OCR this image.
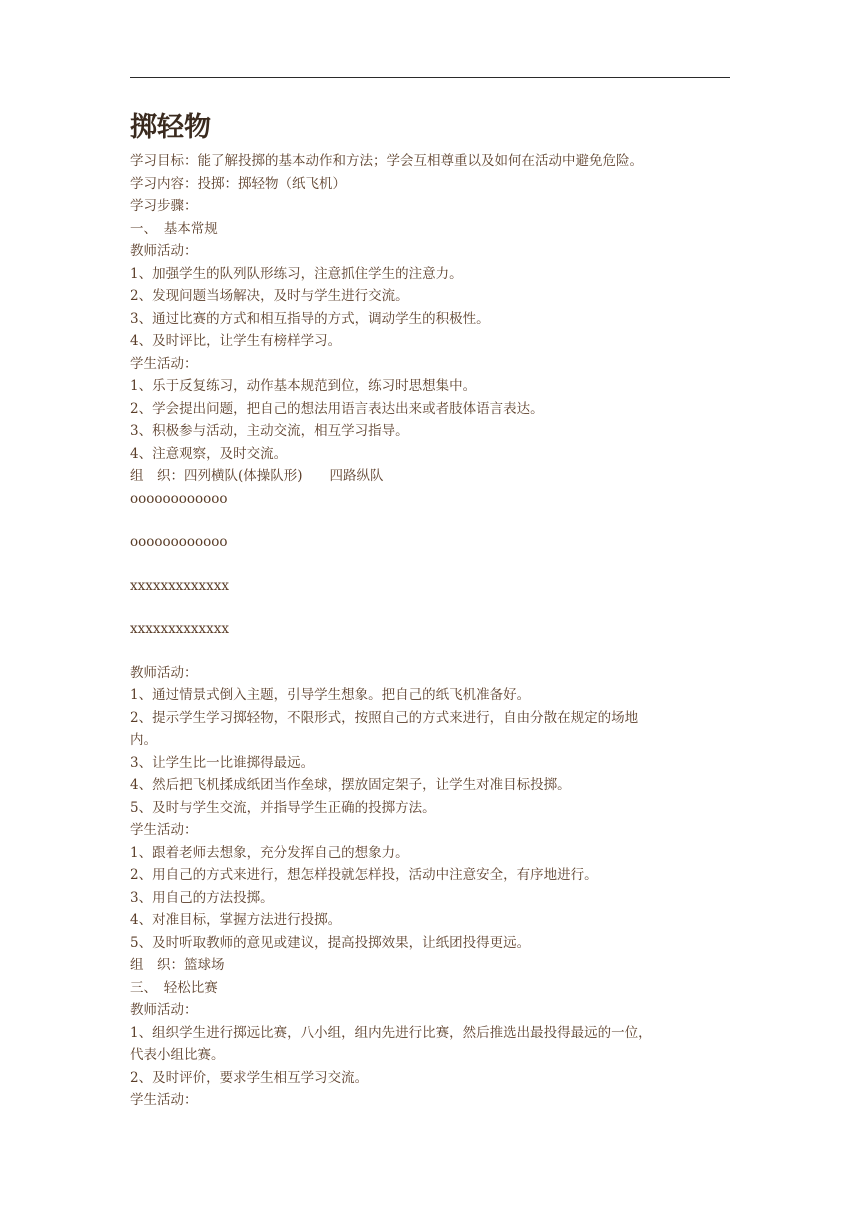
掷轻物

学习目标：能了解投掷的基本动作和方法；学会互相尊重以及如何在活动中避免危险。

学习内容：投掷：掷轻物（纸飞机）

学习步骤：

一、　基本常规

教师活动：

1、加强学生的队列队形练习，注意抓住学生的注意力。

2、发现问题当场解决，及时与学生进行交流。

3、通过比赛的方式和相互指导的方式，调动学生的积极性。

4、及时评比，让学生有榜样学习。

学生活动：

1、乐于反复练习，动作基本规范到位，练习时思想集中。

2、学会提出问题，把自己的想法用语言表达出来或者肢体语言表达。

3、积极参与活动，主动交流，相互学习指导。

4、注意观察，及时交流。

组　织：四列横队(体操队形)　　四路纵队

oooooooooooo

oooooooooooo

xxxxxxxxxxxxx

xxxxxxxxxxxxx

教师活动：

1、通过情景式倒入主题，引导学生想象。把自己的纸飞机准备好。

2、提示学生学习掷轻物，不限形式，按照自己的方式来进行，自由分散在规定的场地

内。

3、让学生比一比谁掷得最远。

4、然后把飞机揉成纸团当作垒球，摆放固定架子，让学生对准目标投掷。

5、及时与学生交流，并指导学生正确的投掷方法。

学生活动：

1、跟着老师去想象，充分发挥自己的想象力。

2、用自己的方式来进行，想怎样投就怎样投，活动中注意安全，有序地进行。

3、用自己的方法投掷。

4、对准目标，掌握方法进行投掷。

5、及时听取教师的意见或建议，提高投掷效果，让纸团投得更远。

组　织：篮球场

三、　轻松比赛

教师活动：

1、组织学生进行掷远比赛，八小组，组内先进行比赛，然后推选出最投得最远的一位，

代表小组比赛。

2、及时评价，要求学生相互学习交流。

学生活动：
